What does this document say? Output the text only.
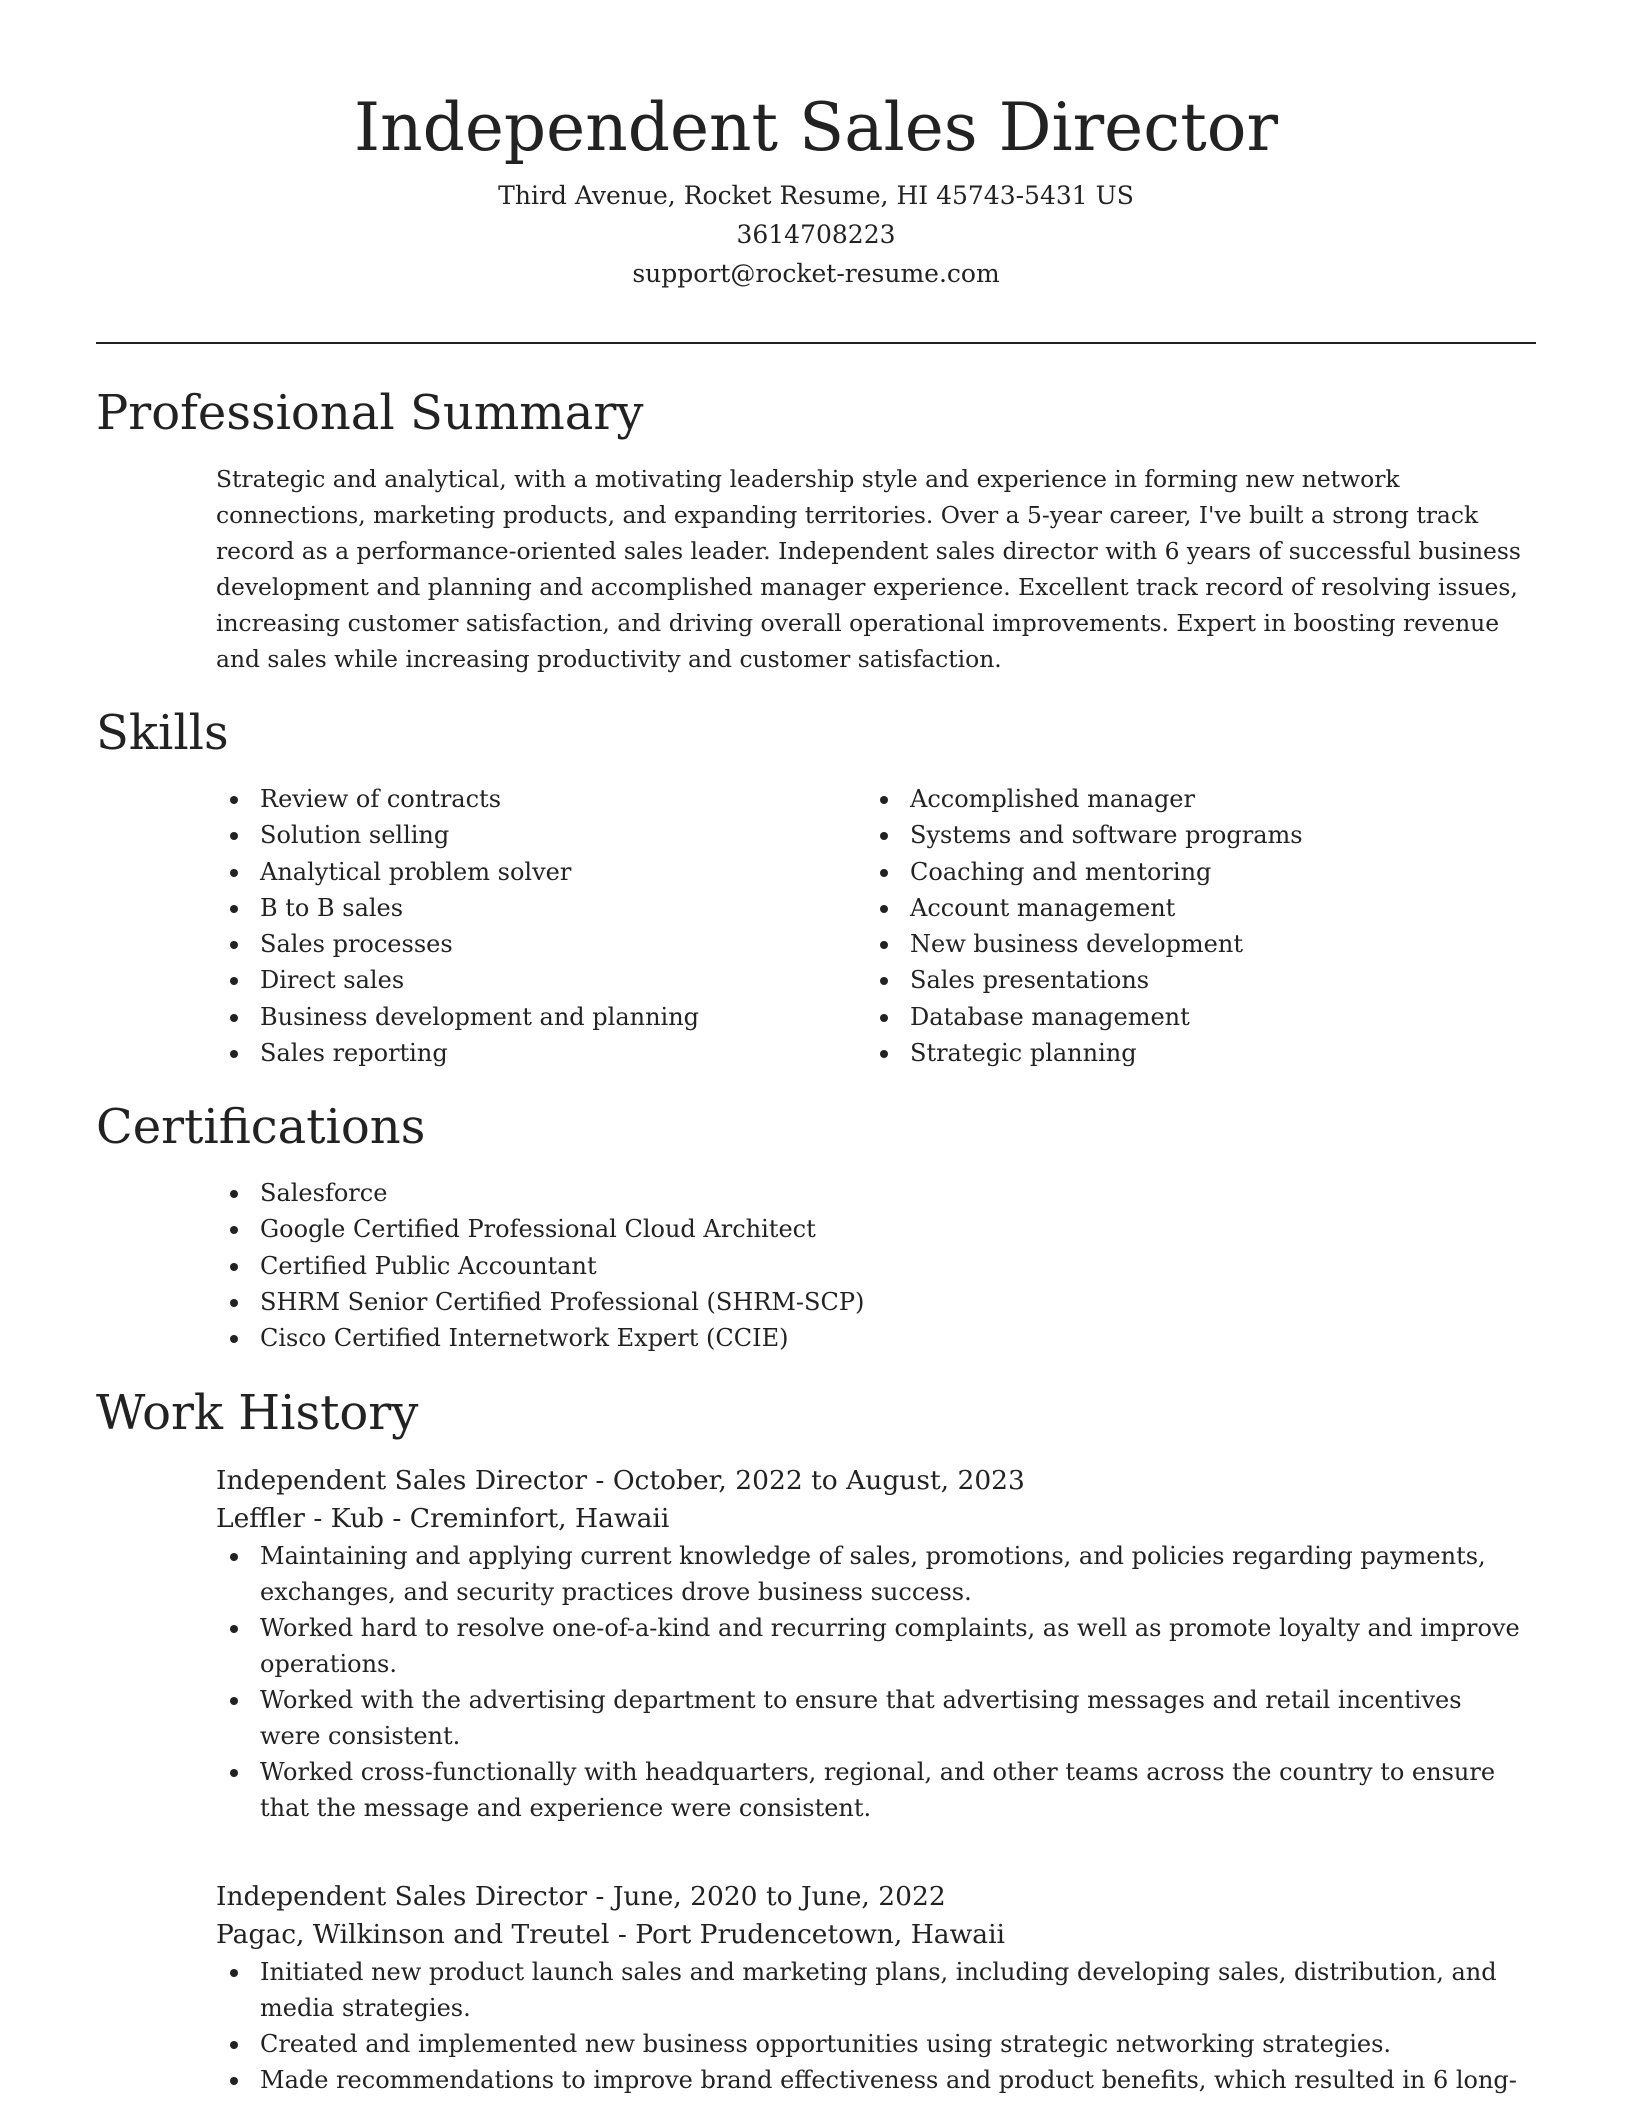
Independent Sales Director
Third Avenue, Rocket Resume, HI 45743-5431 US
3614708223
support@rocket-resume.com
Professional Summary

Strategic and analytical, with a motivating leadership style and experience in forming new network connections, marketing products, and expanding territories. Over a 5-year career, I've built a strong track record as a performance-oriented sales leader. Independent sales director with 6 years of successful business development and planning and accomplished manager experience. Excellent track record of resolving issues, increasing customer satisfaction, and driving overall operational improvements. Expert in boosting revenue and sales while increasing productivity and customer satisfaction.

Skills
Review of contracts
Solution selling
Analytical problem solver
B to B sales
Sales processes
Direct sales
Business development and planning
Sales reporting
Accomplished manager
Systems and software programs
Coaching and mentoring
Account management
New business development
Sales presentations
Database management
Strategic planning
Certifications
Salesforce
Google Certified Professional Cloud Architect
Certified Public Accountant
SHRM Senior Certified Professional (SHRM-SCP)
Cisco Certified Internetwork Expert (CCIE)
Work History
Independent Sales Director - October, 2022 to August, 2023
Leffler - Kub - Creminfort, Hawaii
Maintaining and applying current knowledge of sales, promotions, and policies regarding payments, exchanges, and security practices drove business success.
Worked hard to resolve one-of-a-kind and recurring complaints, as well as promote loyalty and improve operations.
Worked with the advertising department to ensure that advertising messages and retail incentives were consistent.
Worked cross-functionally with headquarters, regional, and other teams across the country to ensure that the message and experience were consistent.
Independent Sales Director - June, 2020 to June, 2022
Pagac, Wilkinson and Treutel - Port Prudencetown, Hawaii
Initiated new product launch sales and marketing plans, including developing sales, distribution, and media strategies.
Created and implemented new business opportunities using strategic networking strategies.
Made recommendations to improve brand effectiveness and product benefits, which resulted in 6 long-
